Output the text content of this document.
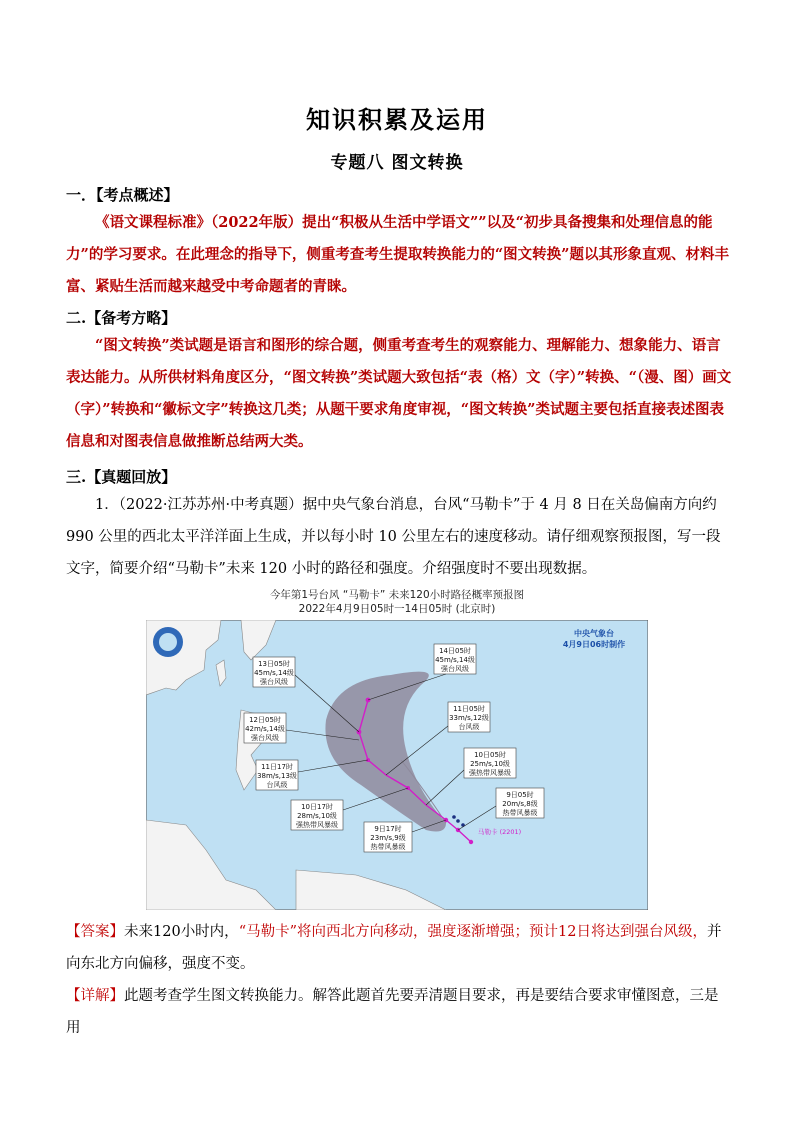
知识积累及运用
专题八 图文转换
一．【考点概述】
《语文课程标准》（2022年版）提出“积极从生活中学语文””以及“初步具备搜集和处理信息的能力”的学习要求。在此理念的指导下，侧重考查考生提取转换能力的“图文转换”题以其形象直观、材料丰富、紧贴生活而越来越受中考命题者的青睐。
二.【备考方略】
“图文转换”类试题是语言和图形的综合题，侧重考查考生的观察能力、理解能力、想象能力、语言表达能力。从所供材料角度区分，“图文转换”类试题大致包括“表（格）文（字）”转换、“（漫、图）画文（字）”转换和“徽标文字”转换这几类；从题干要求角度审视，“图文转换”类试题主要包括直接表述图表信息和对图表信息做推断总结两大类。
三.【真题回放】
1．（2022·江苏苏州·中考真题）据中央气象台消息，台风“马勒卡”于 4 月 8 日在关岛偏南方向约 990 公里的西北太平洋洋面上生成，并以每小时 10 公里左右的速度移动。请仔细观察预报图，写一段文字，简要介绍“马勒卡”未来 120 小时的路径和强度。介绍强度时不要出现数据。
今年第1号台风 “马勒卡” 未来120小时路径概率预报图
2022年4月9日05时一14日05时 (北京时)
中央气象台
4月9日06时制作
马勒卡 (2201)
14日05时
45m/s,14级
强台风级
13日05时
45m/s,14级
强台风级
11日05时
33m/s,12级
台风级
12日05时
42m/s,14级
强台风级
10日05时
25m/s,10级
强热带风暴级
11日17时
38m/s,13级
台风级
9日05时
20m/s,8级
热带风暴级
10日17时
28m/s,10级
强热带风暴级	9日17时
23m/s,9级
热带风暴级
【答案】未来120小时内，“马勒卡”将向西北方向移动，强度逐渐增强；预计12日将达到强台风级，并向东北方向偏移，强度不变。
【详解】此题考查学生图文转换能力。解答此题首先要弄清题目要求，再是要结合要求审懂图意，三是用
